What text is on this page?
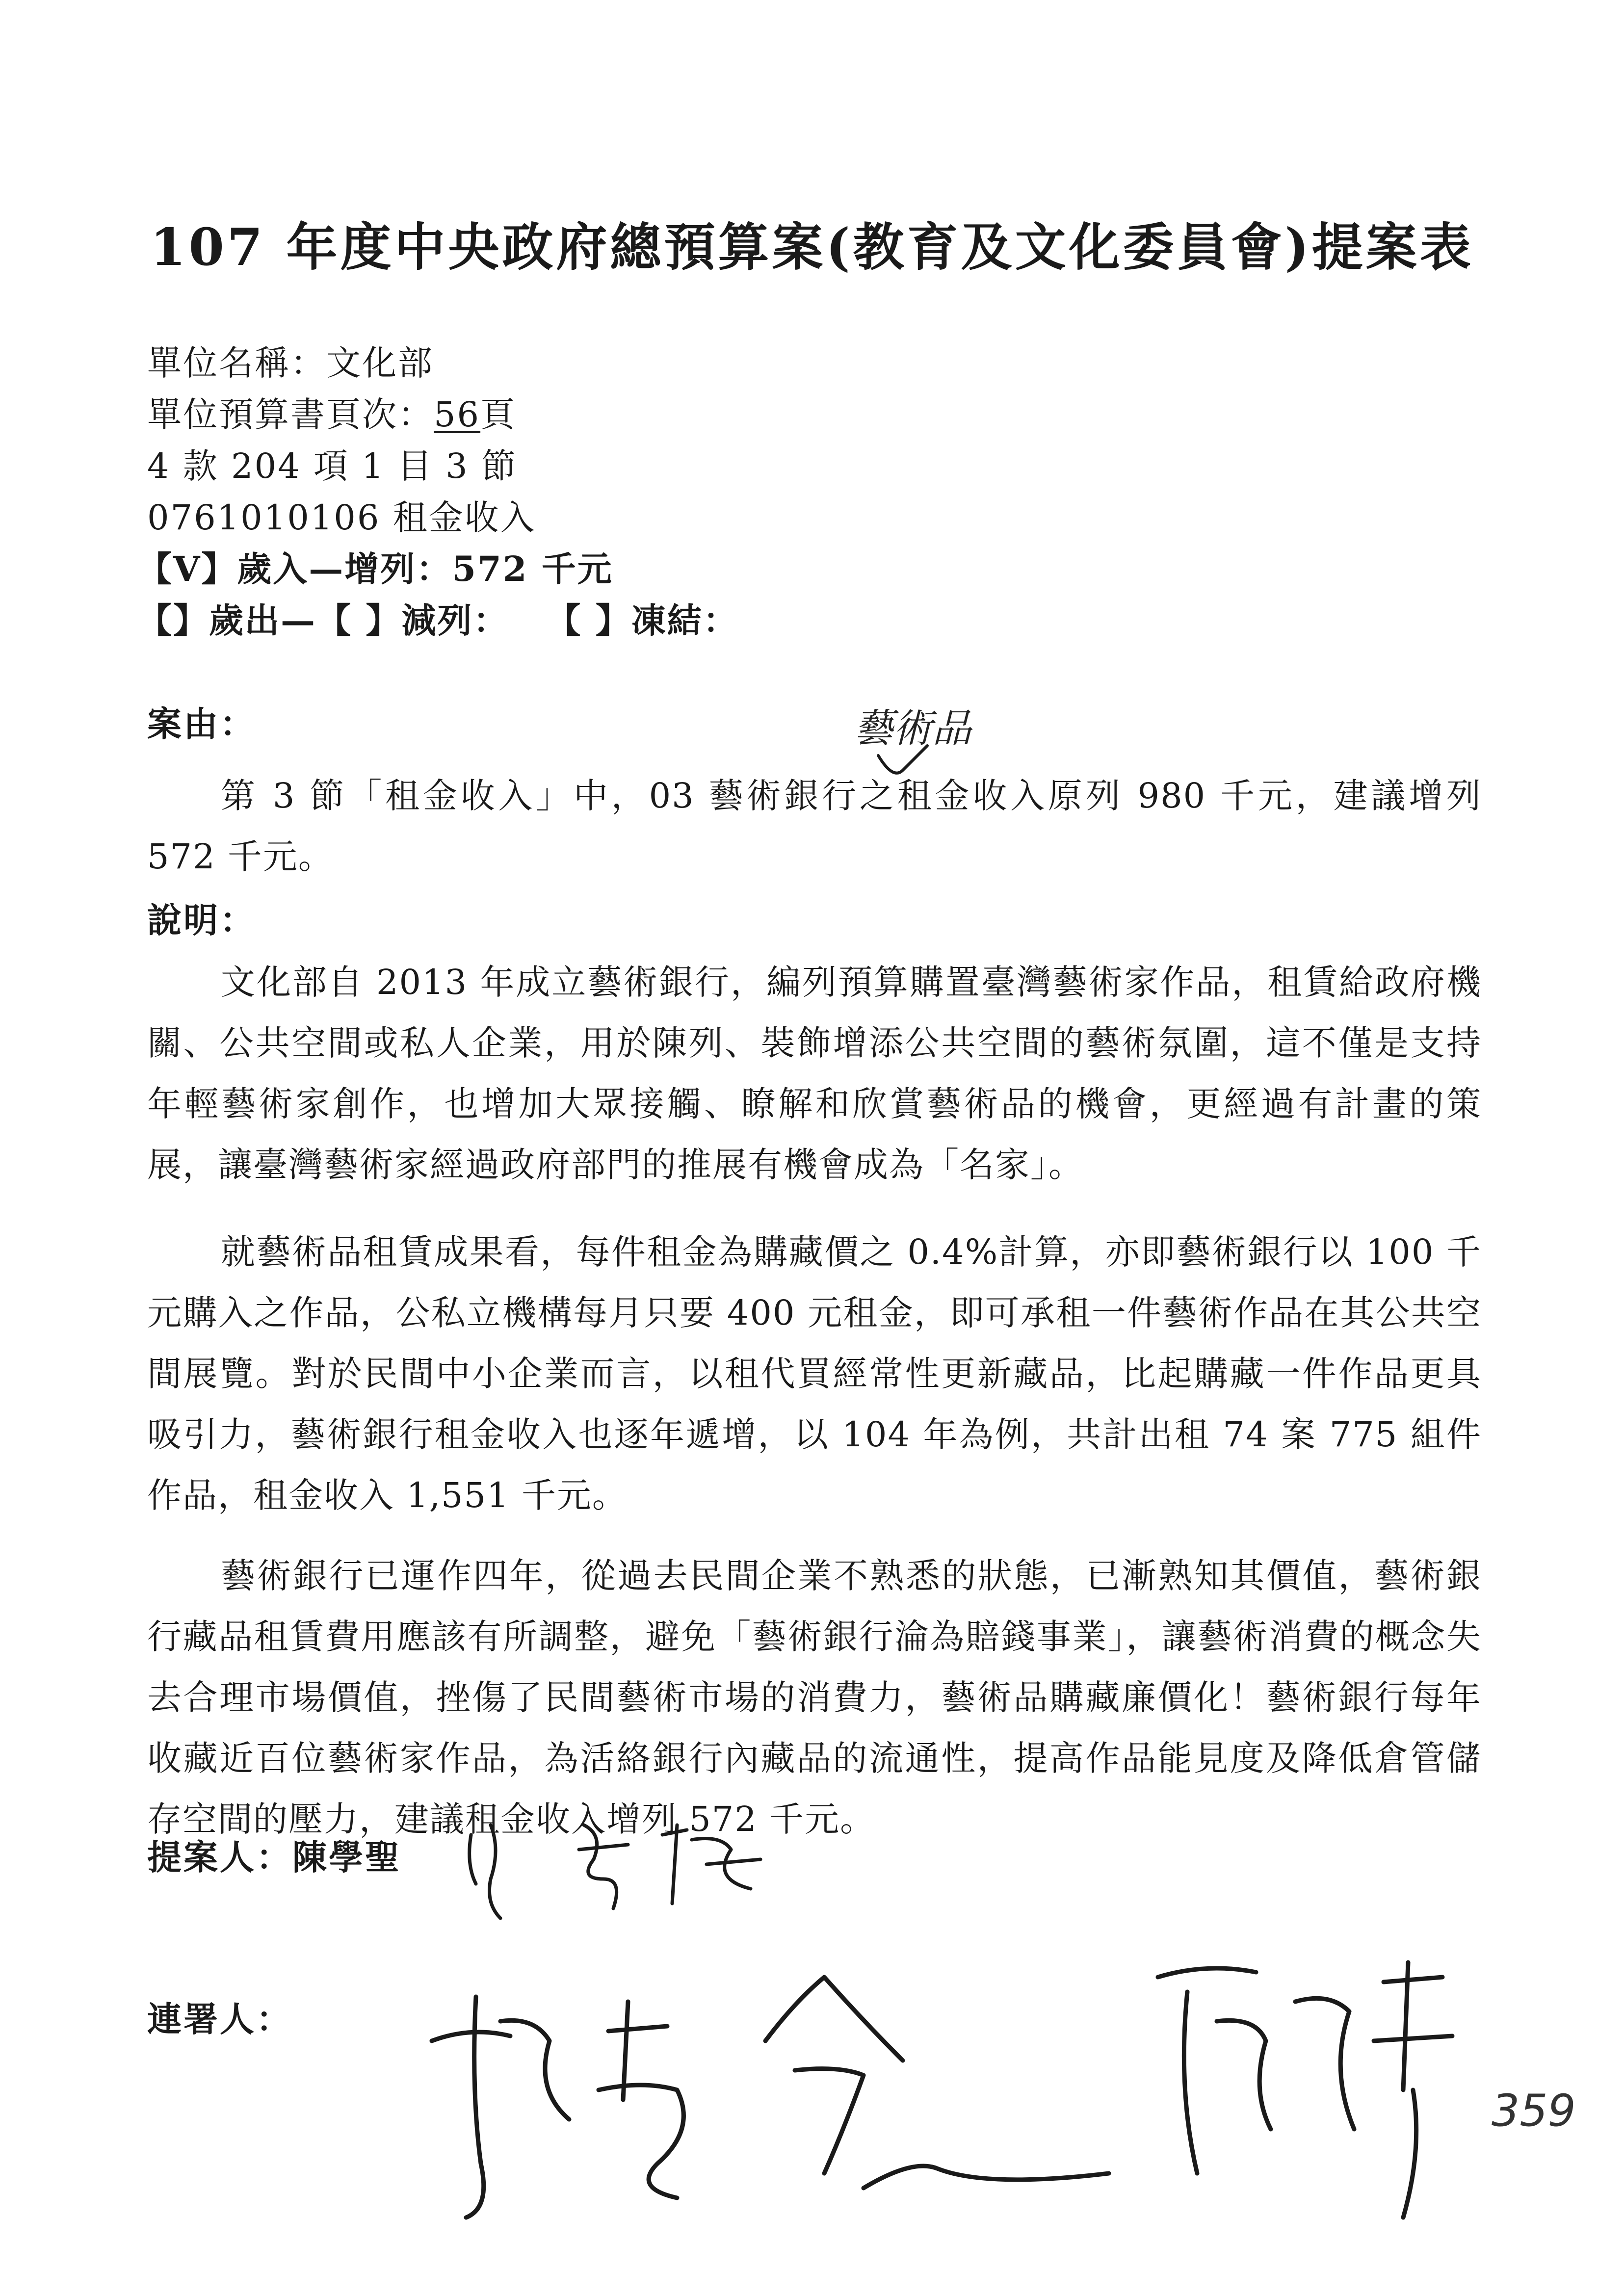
107 年度中央政府總預算案(教育及文化委員會)提案表
單位名稱：文化部
單位預算書頁次：56頁
4 款 204 項 1 目 3 節
0761010106 租金收入
【V】歲入—增列：572 千元
【】歲出—【 】減列：　　【 】凍結：
案由：	藝術品
第 3 節「租金收入」中，03 藝術銀行之租金收入原列 980 千元，建議增列 572 千元。
說明：
文化部自 2013 年成立藝術銀行，編列預算購置臺灣藝術家作品，租賃給政府機關、公共空間或私人企業，用於陳列、裝飾增添公共空間的藝術氛圍，這不僅是支持年輕藝術家創作，也增加大眾接觸、瞭解和欣賞藝術品的機會，更經過有計畫的策展，讓臺灣藝術家經過政府部門的推展有機會成為「名家」。
就藝術品租賃成果看，每件租金為購藏價之 0.4%計算，亦即藝術銀行以 100 千元購入之作品，公私立機構每月只要 400 元租金，即可承租一件藝術作品在其公共空間展覽。對於民間中小企業而言，以租代買經常性更新藏品，比起購藏一件作品更具吸引力，藝術銀行租金收入也逐年遞增，以 104 年為例，共計出租 74 案 775 組件作品，租金收入 1,551 千元。
藝術銀行已運作四年，從過去民間企業不熟悉的狀態，已漸熟知其價值，藝術銀行藏品租賃費用應該有所調整，避免「藝術銀行淪為賠錢事業」，讓藝術消費的概念失去合理市場價值，挫傷了民間藝術市場的消費力，藝術品購藏廉價化！藝術銀行每年收藏近百位藝術家作品，為活絡銀行內藏品的流通性，提高作品能見度及降低倉管儲存空間的壓力，建議租金收入增列 572 千元。
提案人：陳學聖
連署人：
359
